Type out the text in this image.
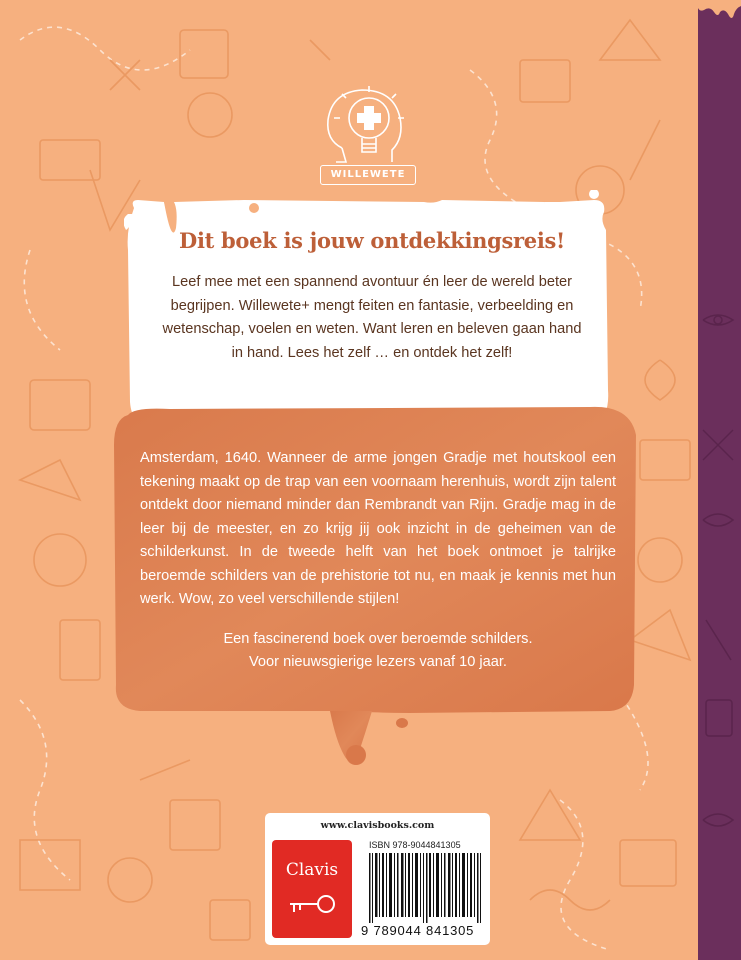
WILLEWETE
Dit boek is jouw ontdekkingsreis!

Leef mee met een spannend avontuur én leer de wereld beter begrijpen. Willewete+ mengt feiten en fantasie, verbeelding en wetenschap, voelen en weten. Want leren en beleven gaan hand in hand. Lees het zelf … en ontdek het zelf!

Amsterdam, 1640. Wanneer de arme jongen Gradje met houtskool een tekening maakt op de trap van een voornaam herenhuis, wordt zijn talent ontdekt door niemand minder dan Rembrandt van Rijn. Gradje mag in de leer bij de meester, en zo krijg jij ook inzicht in de geheimen van de schilderkunst. In de tweede helft van het boek ontmoet je talrijke beroemde schilders van de prehistorie tot nu, en maak je kennis met hun werk. Wow, zo veel verschillende stijlen!

Een fascinerend boek over beroemde schilders.
Voor nieuwsgierige lezers vanaf 10 jaar.

www.clavisbooks.com
Clavis
ISBN 978-9044841305
9 789044 841305
